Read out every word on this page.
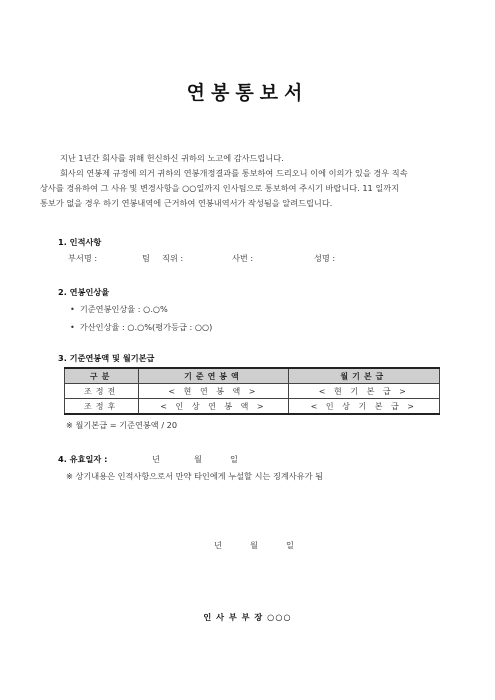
연봉통보서
지난 1년간 회사를 위해 헌신하신 귀하의 노고에 감사드립니다.
회사의 연봉제 규정에 의거 귀하의 연봉개정결과를 통보하여 드리오니 이에 이의가 있을 경우 직속
상사를 경유하여 그 사유 및 변경사항을 ○○일까지 인사팀으로 통보하여 주시기 바랍니다. 11 일까지
통보가 없을 경우 하기 연봉내역에 근거하여 연봉내역서가 작성됨을 알려드립니다.
1. 인적사항
부서명 :	팀 직위 :	사번 :	성명 :
2. 연봉인상율
• 기준연봉인상율 : ○.○%
• 가산인상율 : ○.○%(평가등급 : ○○)
3. 기준연봉액 및 월기본급
구분	기준연봉액	월기본급
조정전	< 현 연 봉 액 >	< 현 기 본 급 >
조정후	< 인 상 연 봉 액 >	< 인 상 기 본 급 >
※ 월기본급 = 기준연봉액 / 20
4. 유효일자 :	년	월	일
※ 상기내용은 인적사항으로서 만약 타인에게 누설할 시는 징계사유가 됨
년	월	일
인 사 부 부 장 ○○○
